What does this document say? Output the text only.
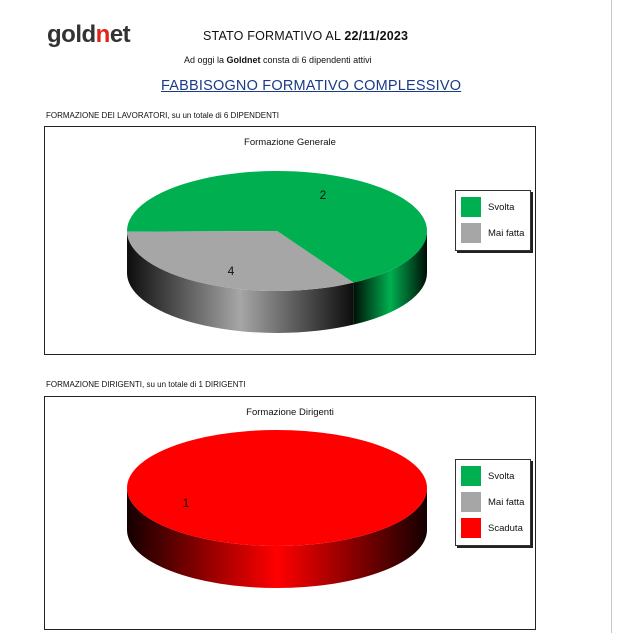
goldnet	STATO FORMATIVO AL 22/11/2023
Ad oggi la Goldnet consta di 6 dipendenti attivi
FABBISOGNO FORMATIVO COMPLESSIVO
FORMAZIONE DEI LAVORATORI, su un totale di 6 DIPENDENTI
Formazione Generale
4
2
Svolta
Mai fatta
FORMAZIONE DIRIGENTI, su un totale di 1 DIRIGENTI
Formazione Dirigenti
1
Svolta
Mai fatta
Scaduta
